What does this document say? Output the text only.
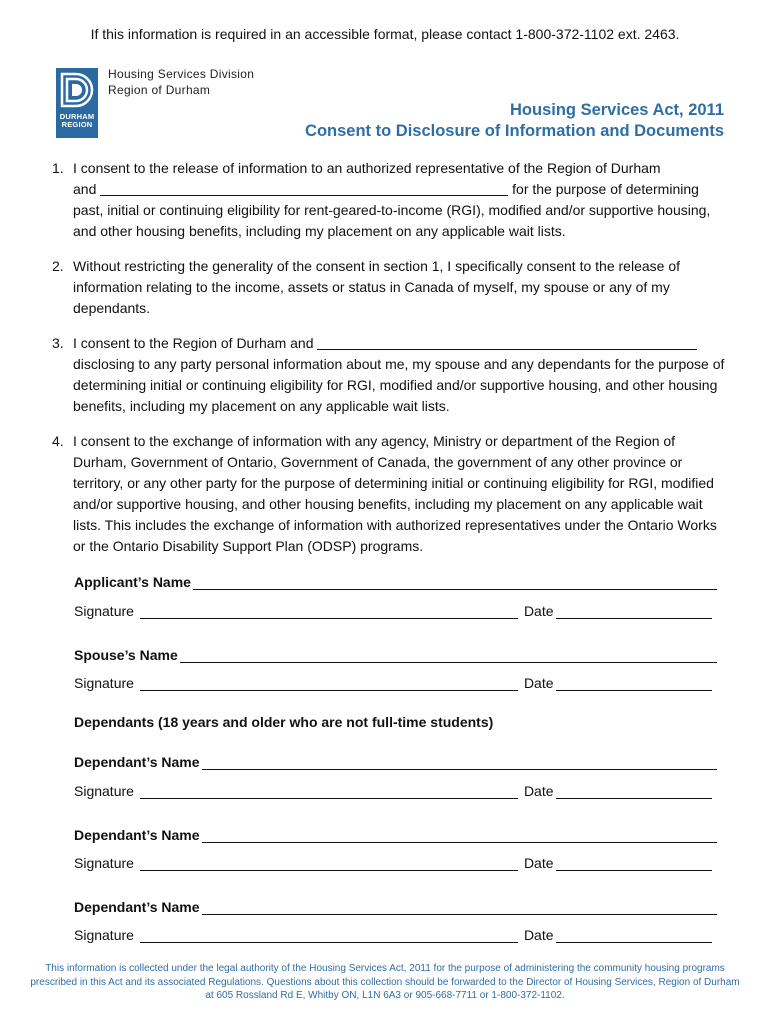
If this information is required in an accessible format, please contact 1-800-372-1102 ext. 2463.
DURHAM
REGION
Housing Services Division
Region of Durham
Housing Services Act, 2011
Consent to Disclosure of Information and Documents
1. I consent to the release of information to an authorized representative of the Region of Durham
and	for the purpose of determining past, initial or continuing eligibility for rent-geared-to-income (RGI), modified and/or supportive housing, and other housing benefits, including my placement on any applicable wait lists.
2. Without restricting the generality of the consent in section 1, I specifically consent to the release of information relating to the income, assets or status in Canada of myself, my spouse or any of my dependants.
3. I consent to the Region of Durham and
disclosing to any party personal information about me, my spouse and any dependants for the purpose of determining initial or continuing eligibility for RGI, modified and/or supportive housing, and other housing benefits, including my placement on any applicable wait lists.
4. I consent to the exchange of information with any agency, Ministry or department of the Region of Durham, Government of Ontario, Government of Canada, the government of any other province or territory, or any other party for the purpose of determining initial or continuing eligibility for RGI, modified and/or supportive housing, and other housing benefits, including my placement on any applicable wait lists. This includes the exchange of information with authorized representatives under the Ontario Works or the Ontario Disability Support Plan (ODSP) programs.
Applicant’s Name
Signature	Date
Spouse’s Name
Signature	Date
Dependants (18 years and older who are not full-time students)
Dependant’s Name
Signature	Date
Dependant’s Name
Signature	Date
Dependant’s Name
Signature	Date
This information is collected under the legal authority of the Housing Services Act, 2011 for the purpose of administering the community housing programs prescribed in this Act and its associated Regulations. Questions about this collection should be forwarded to the Director of Housing Services, Region of Durham at 605 Rossland Rd E, Whitby ON, L1N 6A3 or 905-668-7711 or 1-800-372-1102.
